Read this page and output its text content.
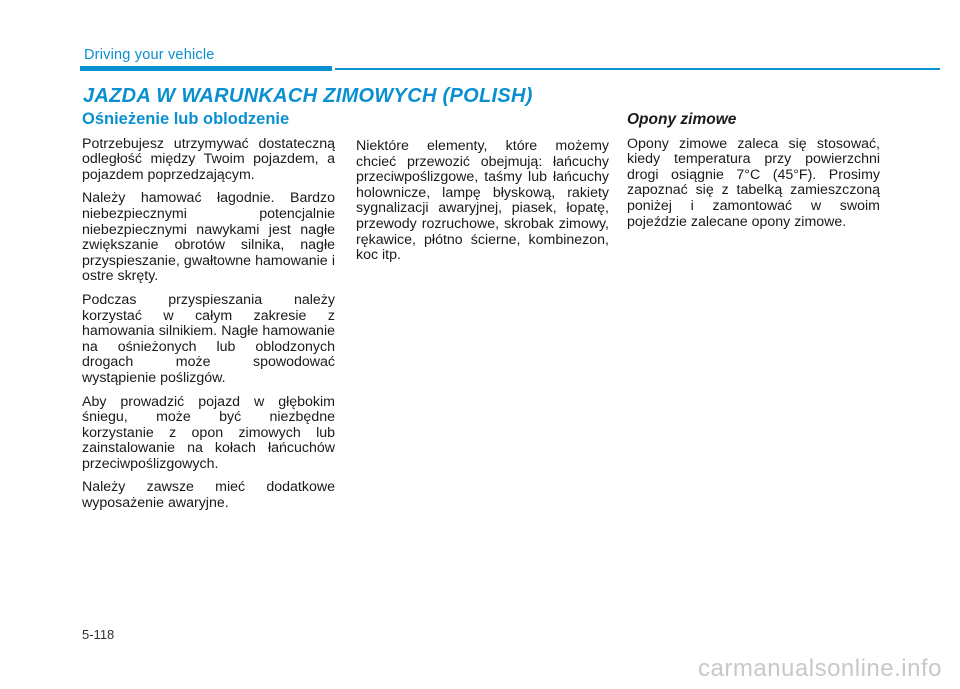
Driving your vehicle
JAZDA W WARUNKACH ZIMOWYCH (POLISH)
Ośnieżenie lub oblodzenie

Potrzebujesz utrzymywać dostateczną odległość między Twoim pojazdem, a pojazdem poprzedzającym.

Należy hamować łagodnie. Bardzo niebezpiecznymi potencjalnie niebezpiecznymi nawykami jest nagłe zwiększanie obrotów silnika, nagłe przyspieszanie, gwałtowne hamowanie i ostre skręty.

Podczas przyspieszania należy korzystać w całym zakresie z hamowania silnikiem. Nagłe hamowanie na ośnieżonych lub oblodzonych drogach może spowodować wystąpienie poślizgów.

Aby prowadzić pojazd w głębokim śniegu, może być niezbędne korzystanie z opon zimowych lub zainstalowanie na kołach łańcuchów przeciwpoślizgowych.

Należy zawsze mieć dodatkowe wyposażenie awaryjne.

Niektóre elementy, które możemy chcieć przewozić obejmują: łańcuchy przeciwpoślizgowe, taśmy lub łańcuchy holownicze, lampę błyskową, rakiety sygnalizacji awaryjnej, piasek, łopatę, przewody rozruchowe, skrobak zimowy, rękawice, płótno ścierne, kombinezon, koc itp.

Opony zimowe

Opony zimowe zaleca się stosować, kiedy temperatura przy powierzchni drogi osiągnie 7°C (45°F). Prosimy zapoznać się z tabelką zamieszczoną poniżej i zamontować w swoim pojeździe zalecane opony zimowe.

5-118
carmanualsonline.info
